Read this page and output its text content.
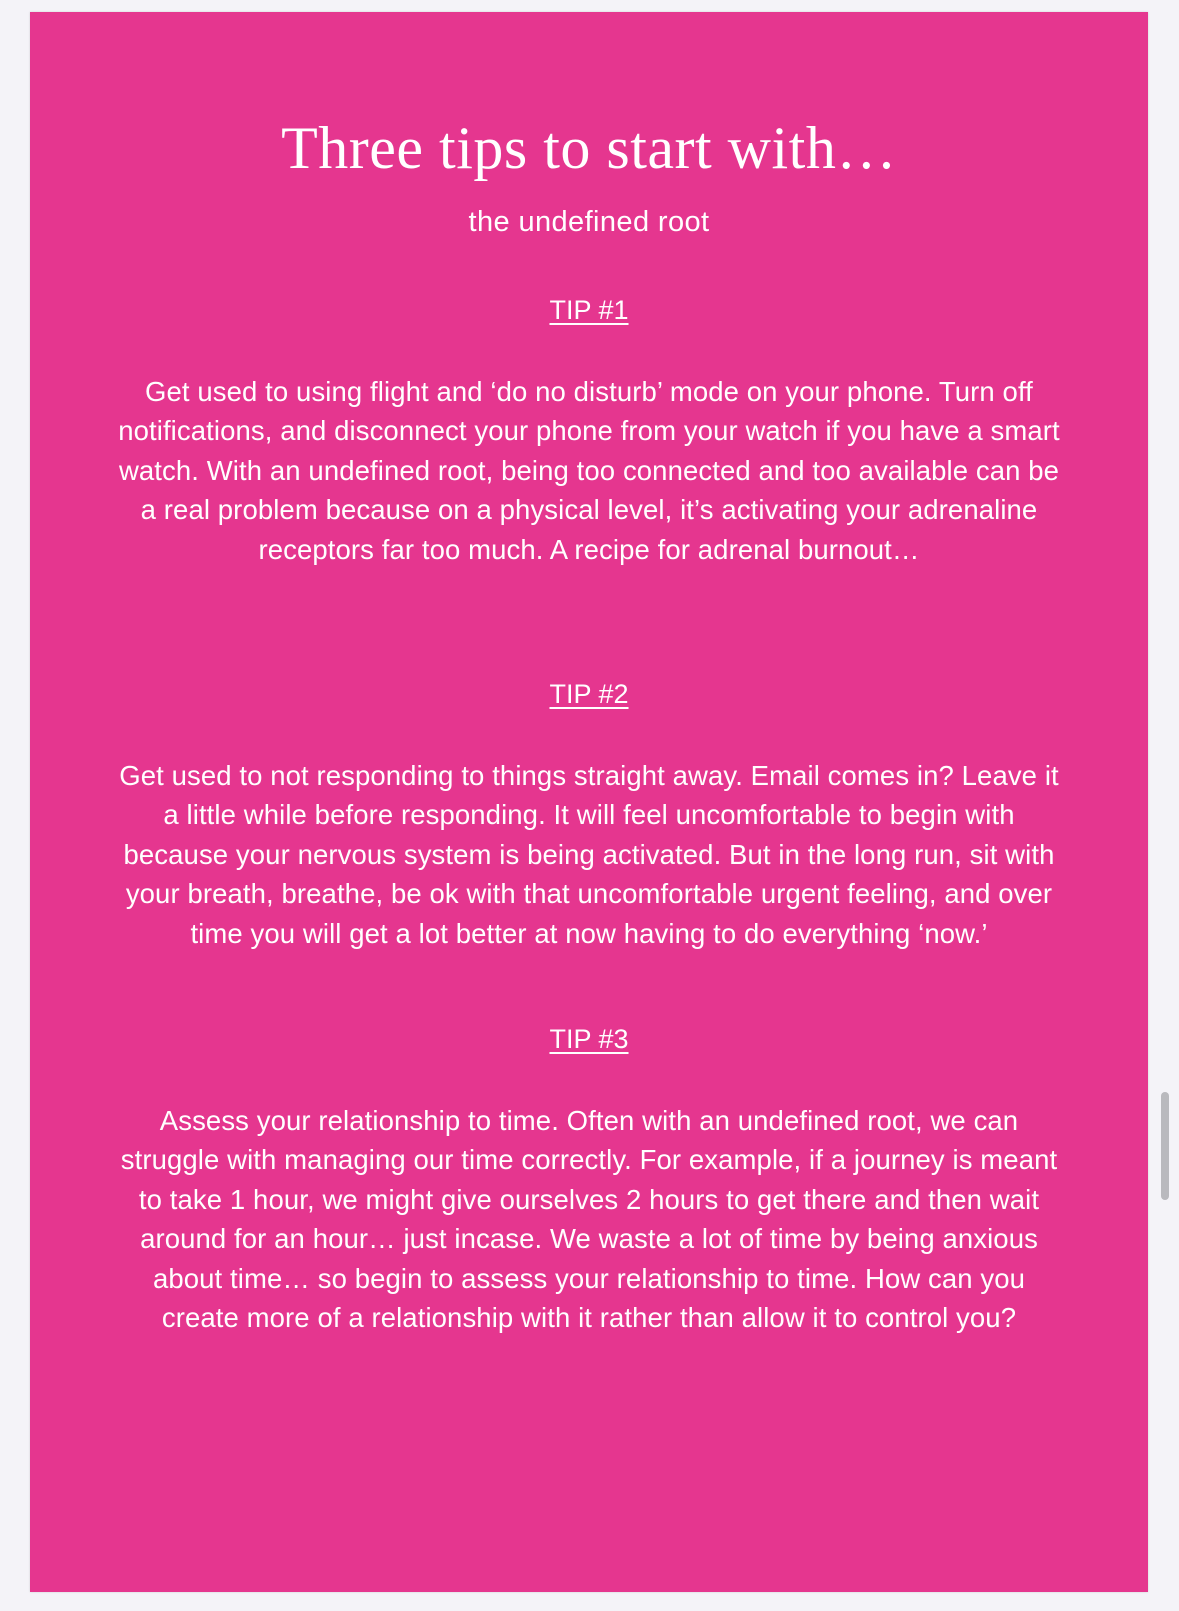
Three tips to start with…

the undefined root

TIP #1

Get used to using flight and ‘do no disturb’ mode on your phone. Turn off notifications, and disconnect your phone from your watch if you have a smart watch. With an undefined root, being too connected and too available can be a real problem because on a physical level, it’s activating your adrenaline receptors far too much. A recipe for adrenal burnout…

TIP #2

Get used to not responding to things straight away. Email comes in? Leave it a little while before responding. It will feel uncomfortable to begin with because your nervous system is being activated. But in the long run, sit with your breath, breathe, be ok with that uncomfortable urgent feeling, and over time you will get a lot better at now having to do everything ‘now.’

TIP #3

Assess your relationship to time. Often with an undefined root, we can struggle with managing our time correctly. For example, if a journey is meant to take 1 hour, we might give ourselves 2 hours to get there and then wait around for an hour… just incase. We waste a lot of time by being anxious about time… so begin to assess your relationship to time. How can you create more of a relationship with it rather than allow it to control you?
